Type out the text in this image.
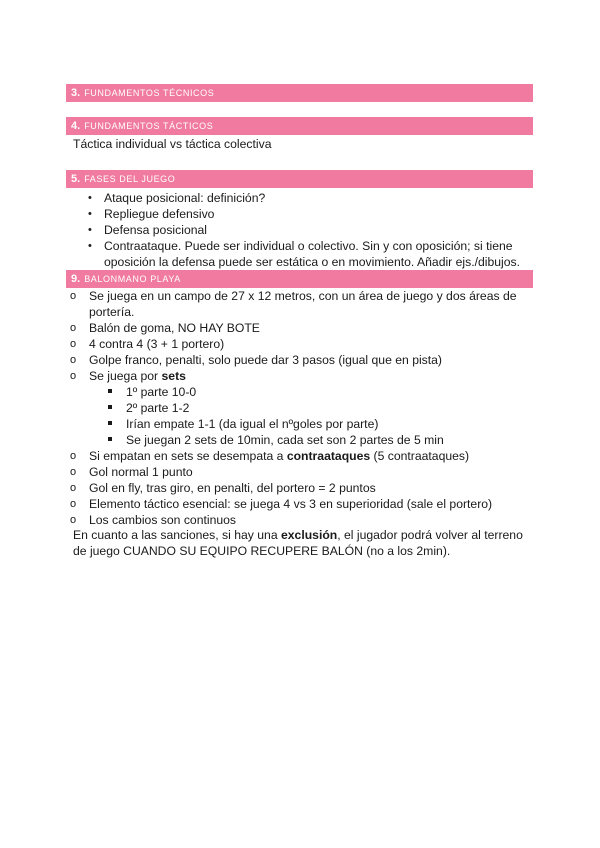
3. FUNDAMENTOS TÉCNICOS
4. FUNDAMENTOS TÁCTICOS
Táctica individual vs táctica colectiva
5. FASES DEL JUEGO
• Ataque posicional: definición?
• Repliegue defensivo
• Defensa posicional
• Contraataque. Puede ser individual o colectivo. Sin y con oposición; si tiene
oposición la defensa puede ser estática o en movimiento. Añadir ejs./dibujos.
9. BALONMANO PLAYA
o Se juega en un campo de 27 x 12 metros, con un área de juego y dos áreas de
portería.
o Balón de goma, NO HAY BOTE
o 4 contra 4 (3 + 1 portero)
o Golpe franco, penalti, solo puede dar 3 pasos (igual que en pista)
o Se juega por sets
1º parte 10-0
2º parte 1-2
Irían empate 1-1 (da igual el nºgoles por parte)
Se juegan 2 sets de 10min, cada set son 2 partes de 5 min
o Si empatan en sets se desempata a contraataques (5 contraataques)
o Gol normal 1 punto
o Gol en fly, tras giro, en penalti, del portero = 2 puntos
o Elemento táctico esencial: se juega 4 vs 3 en superioridad (sale el portero)
o Los cambios son continuos
En cuanto a las sanciones, si hay una exclusión, el jugador podrá volver al terreno
de juego CUANDO SU EQUIPO RECUPERE BALÓN (no a los 2min).
